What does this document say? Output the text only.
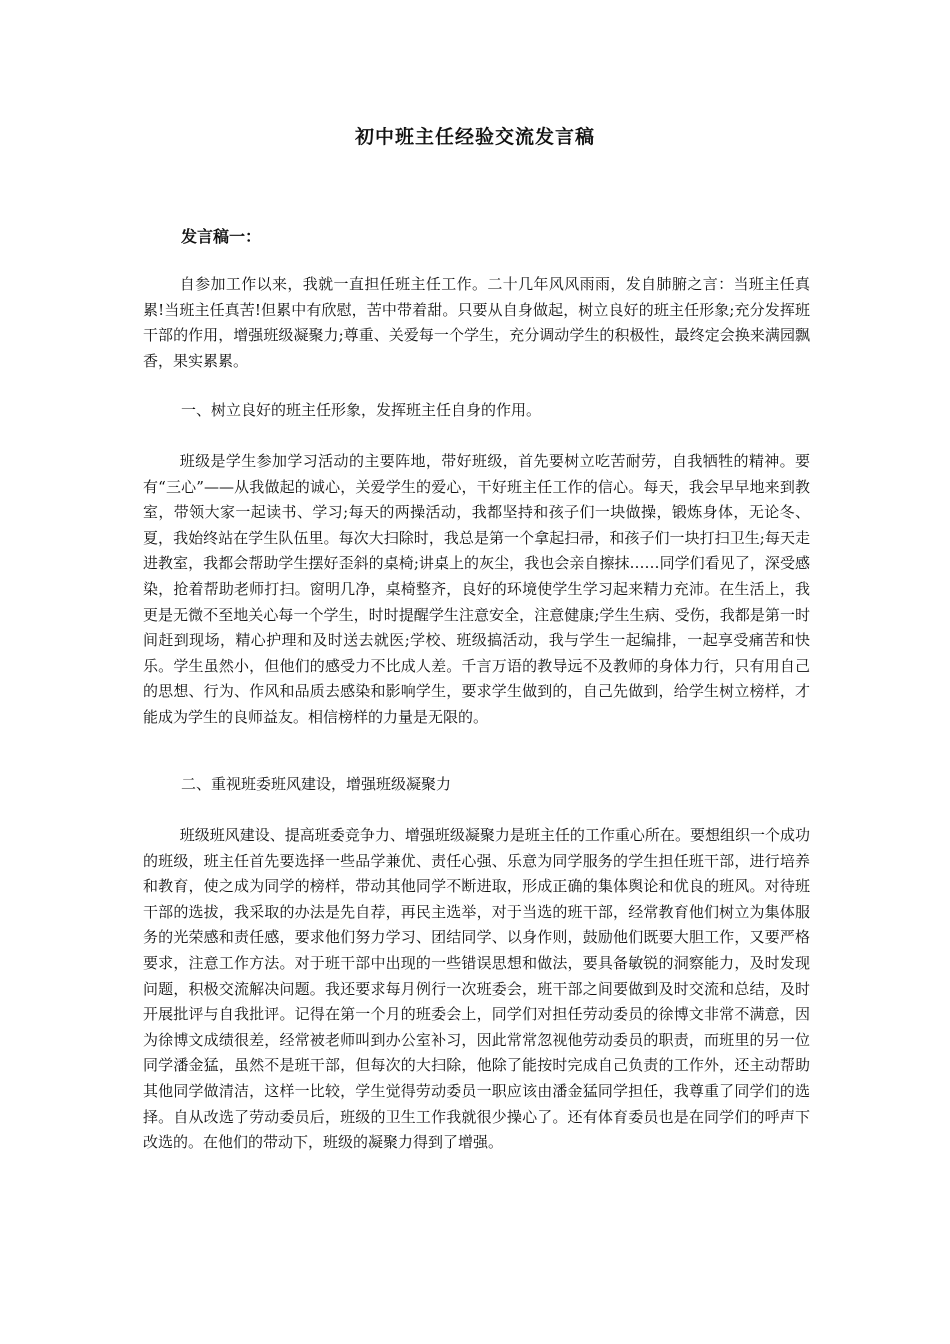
初中班主任经验交流发言稿
发言稿一：

自参加工作以来，我就一直担任班主任工作。二十几年风风雨雨，发自肺腑之言：当班主任真累!当班主任真苦!但累中有欣慰，苦中带着甜。只要从自身做起，树立良好的班主任形象;充分发挥班干部的作用，增强班级凝聚力;尊重、关爱每一个学生，充分调动学生的积极性，最终定会换来满园飘香，果实累累。

一、树立良好的班主任形象，发挥班主任自身的作用。

班级是学生参加学习活动的主要阵地，带好班级，首先要树立吃苦耐劳，自我牺牲的精神。要有“三心”——从我做起的诚心，关爱学生的爱心，干好班主任工作的信心。每天，我会早早地来到教室，带领大家一起读书、学习;每天的两操活动，我都坚持和孩子们一块做操，锻炼身体，无论冬、夏，我始终站在学生队伍里。每次大扫除时，我总是第一个拿起扫帚，和孩子们一块打扫卫生;每天走进教室，我都会帮助学生摆好歪斜的桌椅;讲桌上的灰尘，我也会亲自擦抹……同学们看见了，深受感染，抢着帮助老师打扫。窗明几净，桌椅整齐，良好的环境使学生学习起来精力充沛。在生活上，我更是无微不至地关心每一个学生，时时提醒学生注意安全，注意健康;学生生病、受伤，我都是第一时间赶到现场，精心护理和及时送去就医;学校、班级搞活动，我与学生一起编排，一起享受痛苦和快乐。学生虽然小，但他们的感受力不比成人差。千言万语的教导远不及教师的身体力行，只有用自己的思想、行为、作风和品质去感染和影响学生，要求学生做到的，自己先做到，给学生树立榜样，才能成为学生的良师益友。相信榜样的力量是无限的。

二、重视班委班风建设，增强班级凝聚力

班级班风建设、提高班委竞争力、增强班级凝聚力是班主任的工作重心所在。要想组织一个成功的班级，班主任首先要选择一些品学兼优、责任心强、乐意为同学服务的学生担任班干部，进行培养和教育，使之成为同学的榜样，带动其他同学不断进取，形成正确的集体舆论和优良的班风。对待班干部的选拔，我采取的办法是先自荐，再民主选举，对于当选的班干部，经常教育他们树立为集体服务的光荣感和责任感，要求他们努力学习、团结同学、以身作则，鼓励他们既要大胆工作，又要严格要求，注意工作方法。对于班干部中出现的一些错误思想和做法，要具备敏锐的洞察能力，及时发现问题，积极交流解决问题。我还要求每月例行一次班委会，班干部之间要做到及时交流和总结，及时开展批评与自我批评。记得在第一个月的班委会上，同学们对担任劳动委员的徐博文非常不满意，因为徐博文成绩很差，经常被老师叫到办公室补习，因此常常忽视他劳动委员的职责，而班里的另一位同学潘金猛，虽然不是班干部，但每次的大扫除，他除了能按时完成自己负责的工作外，还主动帮助其他同学做清洁，这样一比较，学生觉得劳动委员一职应该由潘金猛同学担任，我尊重了同学们的选择。自从改选了劳动委员后，班级的卫生工作我就很少操心了。还有体育委员也是在同学们的呼声下改选的。在他们的带动下，班级的凝聚力得到了增强。
